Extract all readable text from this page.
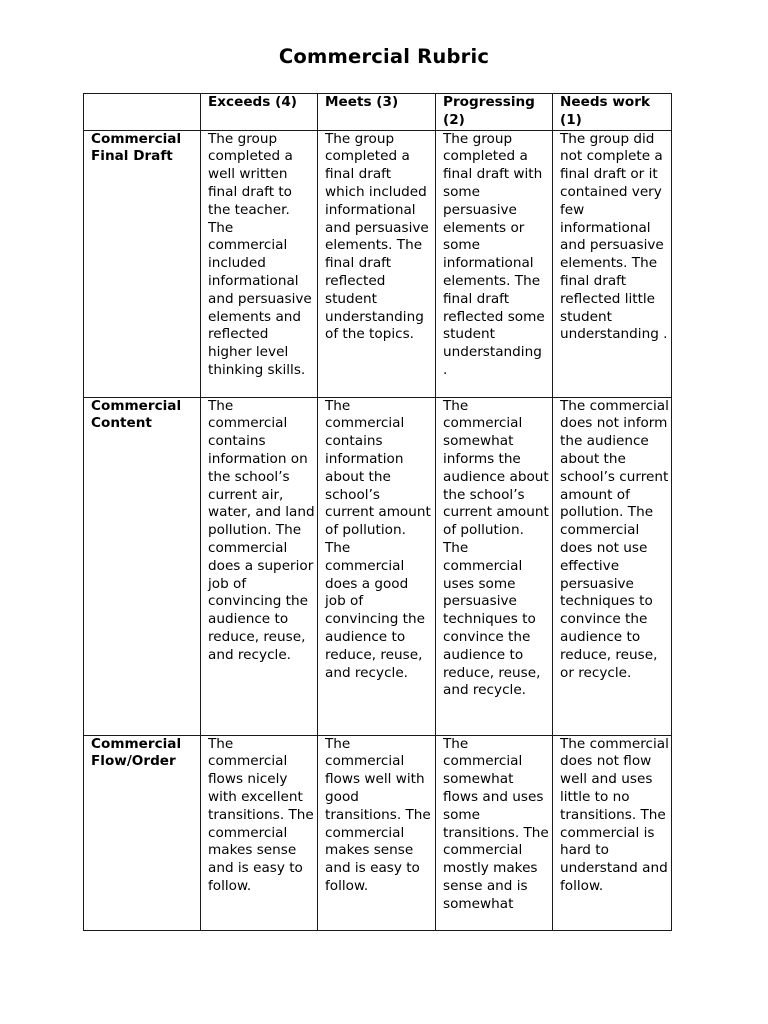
Commercial Rubric
	Exceeds (4)	Meets (3)	Progressing (2)	Needs work (1)
Commercial Final Draft	The group completed a well written final draft to the teacher. The commercial included informational and persuasive elements and reflected higher level thinking skills.	The group completed a final draft which included informational and persuasive elements. The final draft reflected student understanding of the topics.	The group completed a final draft with some persuasive elements or some informational elements. The final draft reflected some student understanding .	The group did not complete a final draft or it contained very few informational and persuasive elements. The final draft reflected little student understanding .
Commercial Content	The commercial contains information on the school’s current air, water, and land pollution. The commercial does a superior job of convincing the audience to reduce, reuse, and recycle.	The commercial contains information about the school’s current amount of pollution. The commercial does a good job of convincing the audience to reduce, reuse, and recycle.	The commercial somewhat informs the audience about the school’s current amount of pollution. The commercial uses some persuasive techniques to convince the audience to reduce, reuse, and recycle.	The commercial does not inform the audience about the school’s current amount of pollution. The commercial does not use effective persuasive techniques to convince the audience to reduce, reuse, or recycle.
Commercial Flow/Order	The commercial flows nicely with excellent transitions. The commercial makes sense and is easy to follow.	The commercial flows well with good transitions. The commercial makes sense and is easy to follow.	The commercial somewhat flows and uses some transitions. The commercial mostly makes sense and is somewhat	The commercial does not flow well and uses little to no transitions. The commercial is hard to understand and follow.
